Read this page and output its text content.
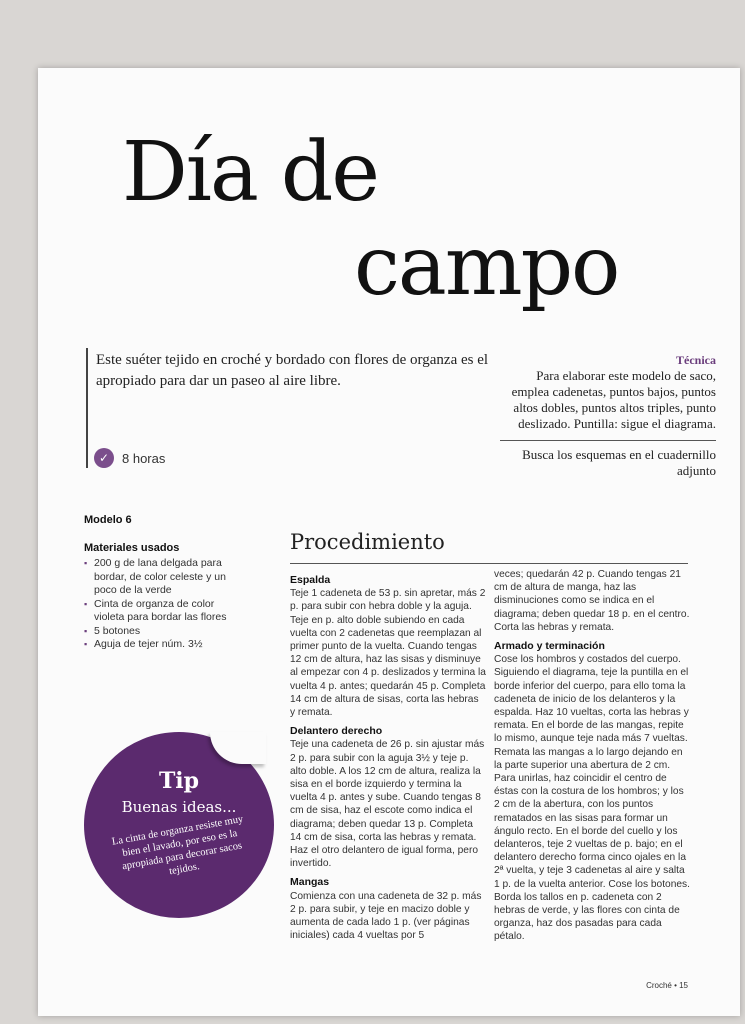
Día de
campo
Este suéter tejido en croché y bordado con flores de organza es el apropiado para dar un paseo al aire libre.
✓ 8 horas
Técnica
Para elaborar este modelo de saco, emplea cadenetas, puntos bajos, puntos altos dobles, puntos altos triples, punto deslizado. Puntilla: sigue el diagrama.
Busca los esquemas en el cuadernillo adjunto
Modelo 6
Materiales usados
▪ 200 g de lana delgada para bordar, de color celeste y un poco de la verde
▪ Cinta de organza de color violeta para bordar las flores
▪ 5 botones
▪ Aguja de tejer núm. 3½
Procedimiento
Espalda

Teje 1 cadeneta de 53 p. sin apretar, más 2 p. para subir con hebra doble y la aguja. Teje en p. alto doble subiendo en cada vuelta con 2 cadenetas que reemplazan al primer punto de la vuelta. Cuando tengas 12 cm de altura, haz las sisas y disminuye al empezar con 4 p. deslizados y termina la vuelta 4 p. antes; quedarán 45 p. Completa 14 cm de altura de sisas, corta las hebras y remata.

Delantero derecho

Teje una cadeneta de 26 p. sin ajustar más 2 p. para subir con la aguja 3½ y teje p. alto doble. A los 12 cm de altura, realiza la sisa en el borde izquierdo y termina la vuelta 4 p. antes y sube. Cuando tengas 8 cm de sisa, haz el escote como indica el diagrama; deben quedar 13 p. Completa 14 cm de sisa, corta las hebras y remata. Haz el otro delantero de igual forma, pero invertido.

Mangas

Comienza con una cadeneta de 32 p. más 2 p. para subir, y teje en macizo doble y aumenta de cada lado 1 p. (ver páginas iniciales) cada 4 vueltas por 5

veces; quedarán 42 p. Cuando tengas 21 cm de altura de manga, haz las disminuciones como se indica en el diagrama; deben quedar 18 p. en el centro. Corta las hebras y remata.

Armado y terminación

Cose los hombros y costados del cuerpo. Siguiendo el diagrama, teje la puntilla en el borde inferior del cuerpo, para ello toma la cadeneta de inicio de los delanteros y la espalda. Haz 10 vueltas, corta las hebras y remata. En el borde de las mangas, repite lo mismo, aunque teje nada más 7 vueltas. Remata las mangas a lo largo dejando en la parte superior una abertura de 2 cm. Para unirlas, haz coincidir el centro de éstas con la costura de los hombros; y los 2 cm de la abertura, con los puntos rematados en las sisas para formar un ángulo recto. En el borde del cuello y los delanteros, teje 2 vueltas de p. bajo; en el delantero derecho forma cinco ojales en la 2ª vuelta, y teje 3 cadenetas al aire y salta 1 p. de la vuelta anterior. Cose los botones. Borda los tallos en p. cadeneta con 2 hebras de verde, y las flores con cinta de organza, haz dos pasadas para cada pétalo.

Tip
Buenas ideas...
La cinta de organza resiste muy bien el lavado, por eso es la apropiada para decorar sacos tejidos.
Croché • 15
